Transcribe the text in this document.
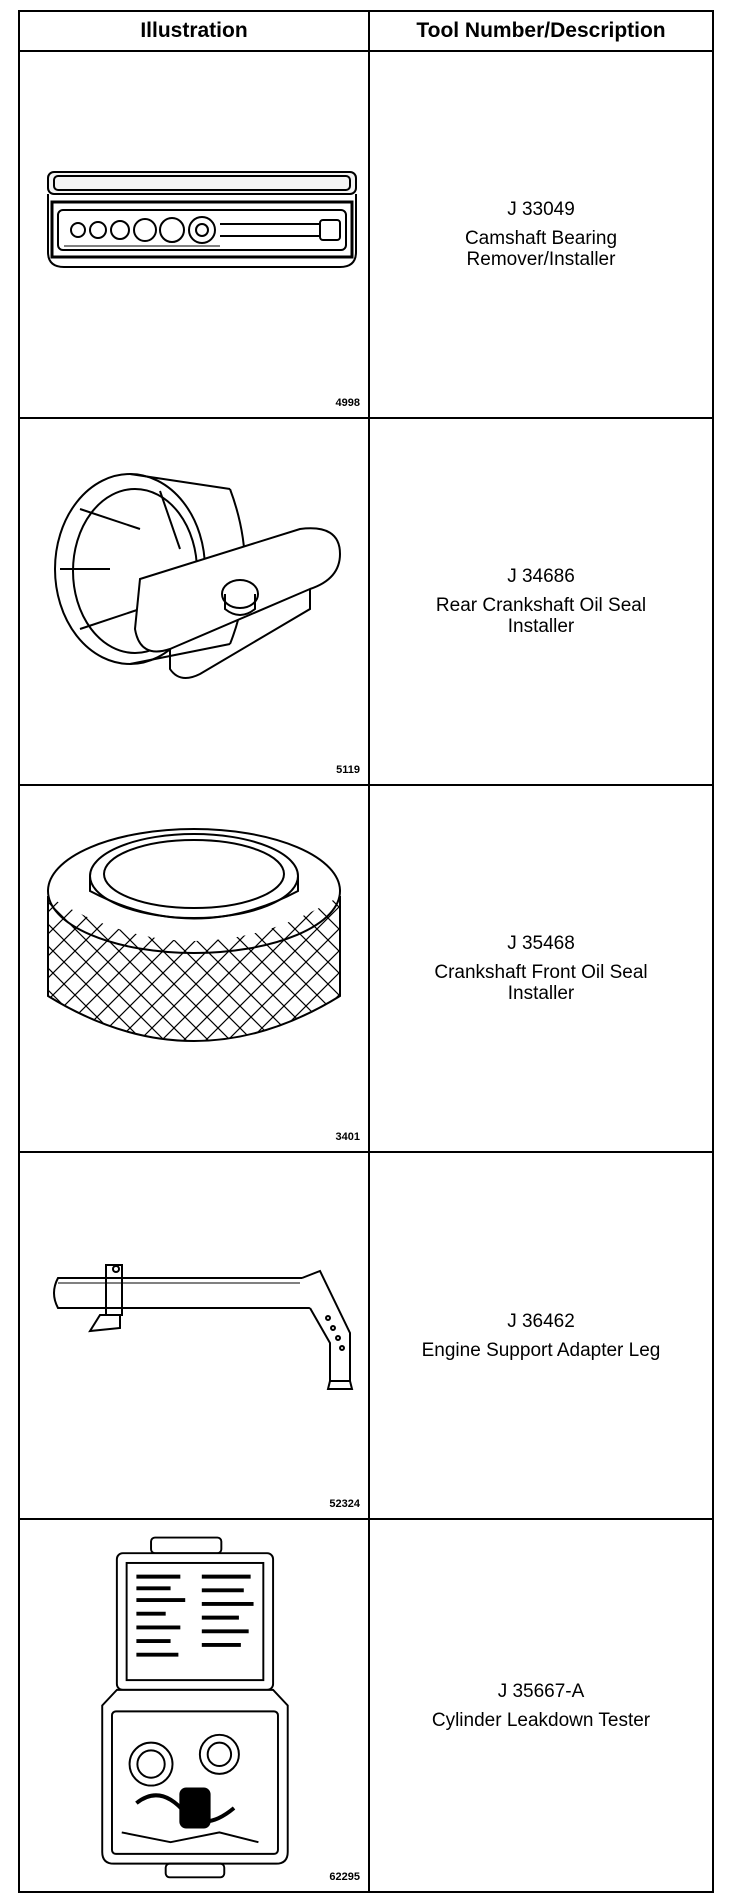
Illustration	Tool Number/Description
4998
J 33049
Camshaft Bearing
Remover/Installer
5119
J 34686
Rear Crankshaft Oil Seal
Installer
3401
J 35468
Crankshaft Front Oil Seal
Installer
52324
J 36462
Engine Support Adapter Leg
62295
J 35667-A
Cylinder Leakdown Tester
